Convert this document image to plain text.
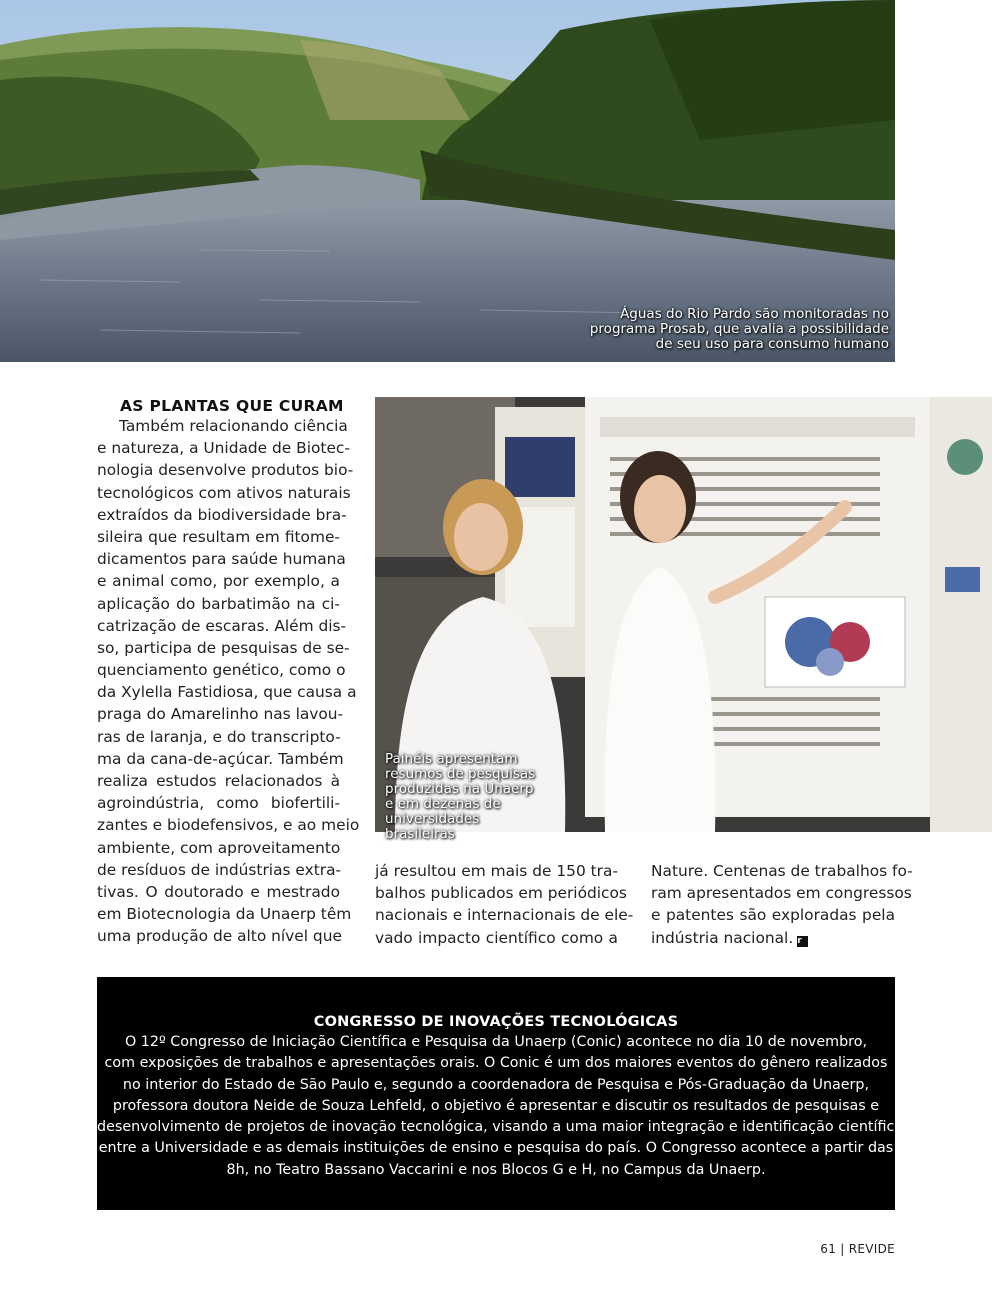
Águas do Rio Pardo são monitoradas no
programa Prosab, que avalia a possibilidade
de seu uso para consumo humano

AS PLANTAS QUE CURAM
Também relacionando ciência
e natureza, a Unidade de Biotec-
nologia desenvolve produtos bio-
tecnológicos com ativos naturais
extraídos da biodiversidade bra-
sileira que resultam em fitome-
dicamentos para saúde humana
e animal como, por exemplo, a
aplicação do barbatimão na ci-
catrização de escaras. Além dis-
so, participa de pesquisas de se-
quenciamento genético, como o
da Xylella Fastidiosa, que causa a
praga do Amarelinho nas lavou-
ras de laranja, e do transcripto-
ma da cana-de-açúcar. Também
realiza estudos relacionados à
agroindústria, como biofertili-
zantes e biodefensivos, e ao meio
ambiente, com aproveitamento
de resíduos de indústrias extra-
tivas. O doutorado e mestrado
em Biotecnologia da Unaerp têm
uma produção de alto nível que

Painéis apresentam
resumos de pesquisas
produzidas na Unaerp
e em dezenas de
universidades brasileiras

já resultou em mais de 150 tra-
balhos publicados em periódicos
nacionais e internacionais de ele-
vado impacto científico como a
Nature. Centenas de trabalhos fo-
ram apresentados em congressos
e patentes são exploradas pela
indústria nacional. r
CONGRESSO DE INOVAÇÕES TECNOLÓGICAS
O 12º Congresso de Iniciação Científica e Pesquisa da Unaerp (Conic) acontece no dia 10 de novembro,
com exposições de trabalhos e apresentações orais. O Conic é um dos maiores eventos do gênero realizados
no interior do Estado de São Paulo e, segundo a coordenadora de Pesquisa e Pós-Graduação da Unaerp,
professora doutora Neide de Souza Lehfeld, o objetivo é apresentar e discutir os resultados de pesquisas e
desenvolvimento de projetos de inovação tecnológica, visando a uma maior integração e identificação científica
entre a Universidade e as demais instituições de ensino e pesquisa do país. O Congresso acontece a partir das
8h, no Teatro Bassano Vaccarini e nos Blocos G e H, no Campus da Unaerp.
61 | REVIDE
